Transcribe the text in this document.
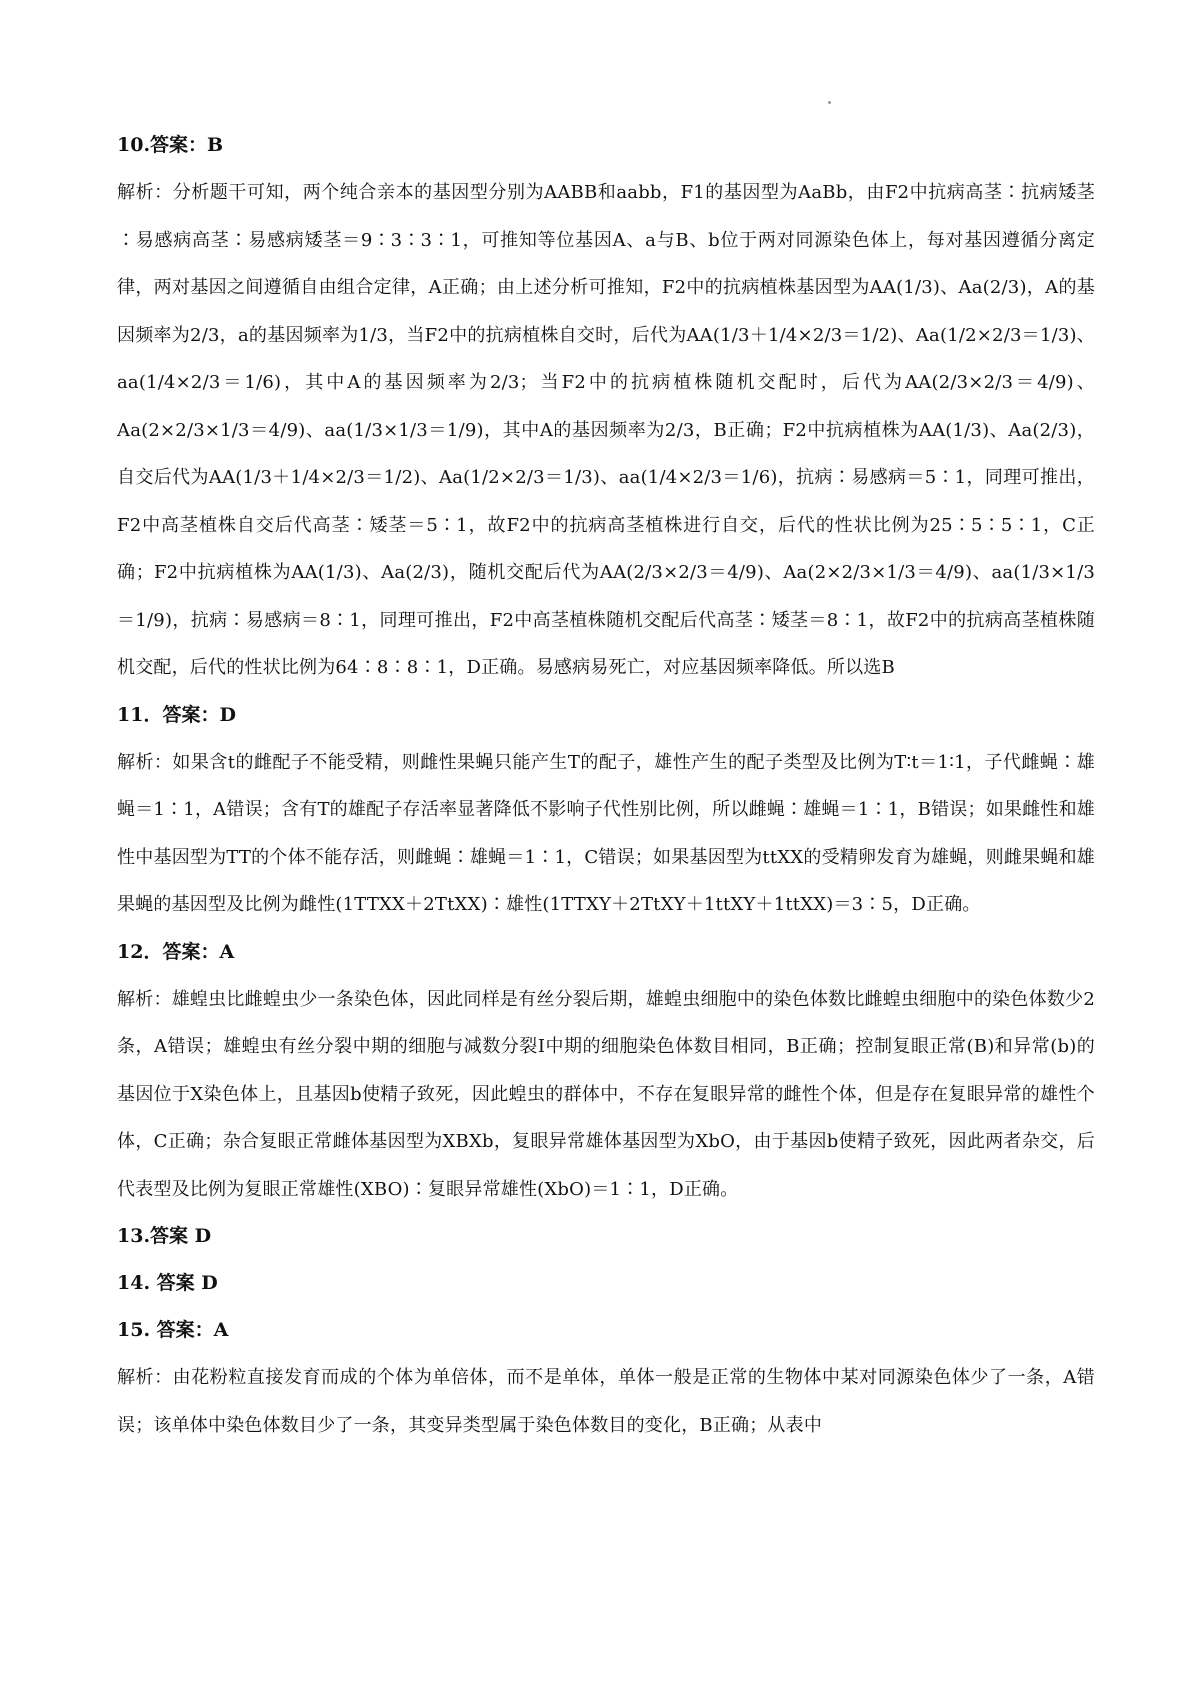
10.答案：B

解析：分析题干可知，两个纯合亲本的基因型分别为AABB和aabb，F1的基因型为AaBb，由F2中抗病高茎∶抗病矮茎∶易感病高茎∶易感病矮茎＝9∶3∶3∶1，可推知等位基因A、a与B、b位于两对同源染色体上，每对基因遵循分离定律，两对基因之间遵循自由组合定律，A正确；由上述分析可推知，F2中的抗病植株基因型为AA(1/3)、Aa(2/3)，A的基因频率为2/3，a的基因频率为1/3，当F2中的抗病植株自交时，后代为AA(1/3＋1/4×2/3＝1/2)、Aa(1/2×2/3＝1/3)、aa(1/4×2/3＝1/6)，其中A的基因频率为2/3；当F2中的抗病植株随机交配时，后代为AA(2/3×2/3＝4/9)、Aa(2×2/3×1/3＝4/9)、aa(1/3×1/3＝1/9)，其中A的基因频率为2/3，B正确；F2中抗病植株为AA(1/3)、Aa(2/3)，自交后代为AA(1/3＋1/4×2/3＝1/2)、Aa(1/2×2/3＝1/3)、aa(1/4×2/3＝1/6)，抗病∶易感病＝5∶1，同理可推出，F2中高茎植株自交后代高茎∶矮茎＝5∶1，故F2中的抗病高茎植株进行自交，后代的性状比例为25∶5∶5∶1，C正确；F2中抗病植株为AA(1/3)、Aa(2/3)，随机交配后代为AA(2/3×2/3＝4/9)、Aa(2×2/3×1/3＝4/9)、aa(1/3×1/3＝1/9)，抗病∶易感病＝8∶1，同理可推出，F2中高茎植株随机交配后代高茎∶矮茎＝8∶1，故F2中的抗病高茎植株随机交配，后代的性状比例为64∶8∶8∶1，D正确。易感病易死亡，对应基因频率降低。所以选B

11．答案：D

解析：如果含t的雌配子不能受精，则雌性果蝇只能产生T的配子，雄性产生的配子类型及比例为T∶t＝1∶1，子代雌蝇∶雄蝇＝1∶1，A错误；含有T的雄配子存活率显著降低不影响子代性别比例，所以雌蝇∶雄蝇＝1∶1，B错误；如果雌性和雄性中基因型为TT的个体不能存活，则雌蝇∶雄蝇＝1∶1，C错误；如果基因型为ttXX的受精卵发育为雄蝇，则雌果蝇和雄果蝇的基因型及比例为雌性(1TTXX＋2TtXX)∶雄性(1TTXY＋2TtXY＋1ttXY＋1ttXX)＝3∶5，D正确。

12．答案：A

解析：雄蝗虫比雌蝗虫少一条染色体，因此同样是有丝分裂后期，雄蝗虫细胞中的染色体数比雌蝗虫细胞中的染色体数少2条，A错误；雄蝗虫有丝分裂中期的细胞与减数分裂Ⅰ中期的细胞染色体数目相同，B正确；控制复眼正常(B)和异常(b)的基因位于X染色体上，且基因b使精子致死，因此蝗虫的群体中，不存在复眼异常的雌性个体，但是存在复眼异常的雄性个体，C正确；杂合复眼正常雌体基因型为XBXb，复眼异常雄体基因型为XbO，由于基因b使精子致死，因此两者杂交，后代表型及比例为复眼正常雄性(XBO)∶复眼异常雄性(XbO)＝1∶1，D正确。

13.答案 D
14. 答案 D
15. 答案：A

解析：由花粉粒直接发育而成的个体为单倍体，而不是单体，单体一般是正常的生物体中某对同源染色体少了一条，A错误；该单体中染色体数目少了一条，其变异类型属于染色体数目的变化，B正确；从表中
